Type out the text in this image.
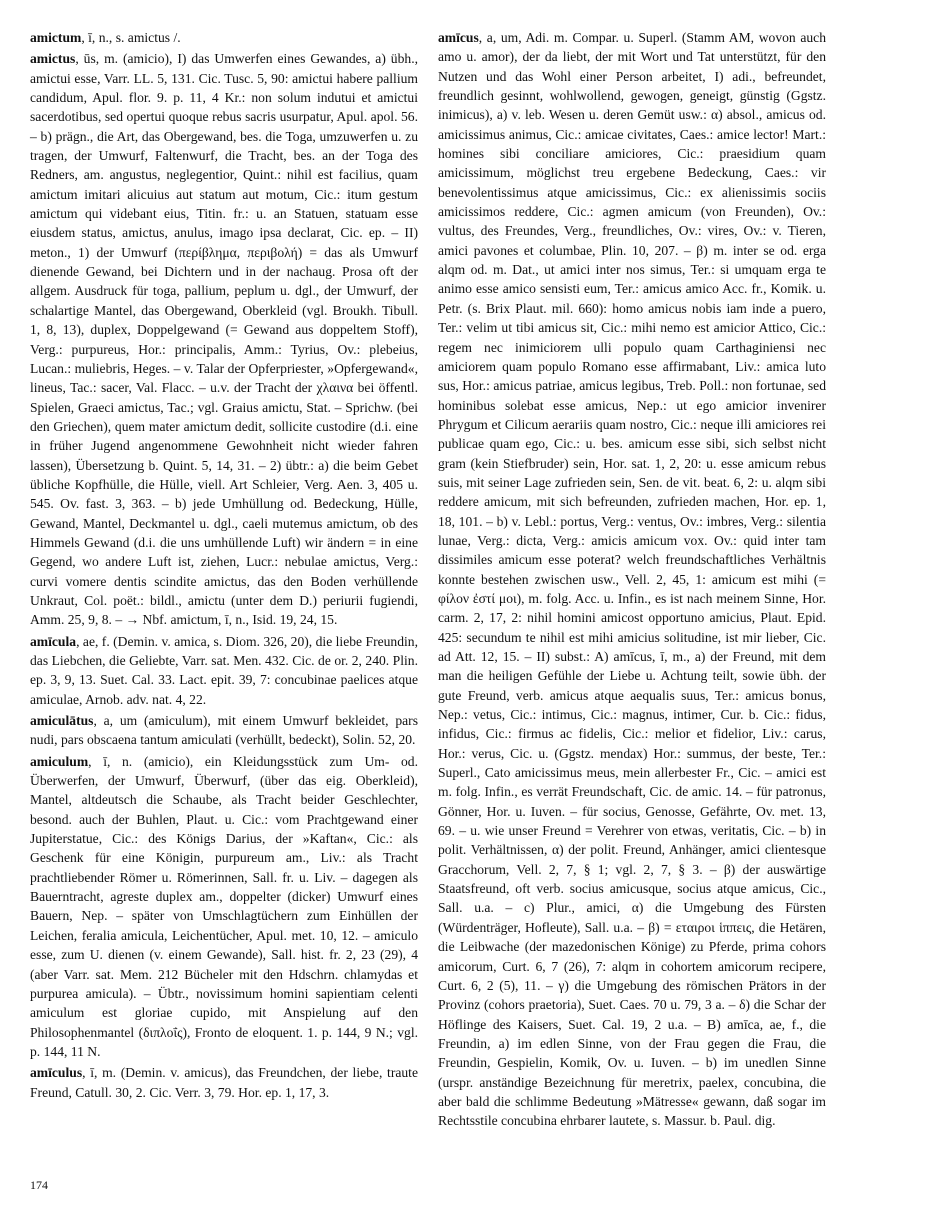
amictum, ī, n., s. amictus /.
amictus, ūs, m. (amicio), I) das Umwerfen eines Gewandes, a) übh., amictui esse, Varr. LL. 5, 131. Cic. Tusc. 5, 90: amictui habere pallium candidum, Apul. flor. 9. p. 11, 4 Kr.: non solum indutui et amictui sacerdotibus, sed opertui quoque rebus sacris usurpatur, Apul. apol. 56. – b) prägn., die Art, das Obergewand, bes. die Toga, umzuwerfen u. zu tragen, der Umwurf, Faltenwurf, die Tracht, bes. an der Toga des Redners, am. angustus, neglegentior, Quint.: nihil est facilius, quam amictum imitari alicuius aut statum aut motum, Cic.: itum gestum amictum qui videbant eius, Titin. fr.: u. an Statuen, statuam esse eiusdem status, amictus, anulus, imago ipsa declarat, Cic. ep. – II) meton., 1) der Umwurf (περίβλημα, περιβολή) = das als Umwurf dienende Gewand, bei Dichtern und in der nachaug. Prosa oft der allgem. Ausdruck für toga, pallium, peplum u. dgl., der Umwurf, der schalartige Mantel, das Obergewand, Oberkleid (vgl. Broukh. Tibull. 1, 8, 13), duplex, Doppelgewand (= Gewand aus doppeltem Stoff), Verg.: purpureus, Hor.: principalis, Amm.: Tyrius, Ov.: plebeius, Lucan.: muliebris, Heges. – v. Talar der Opferpriester, »Opfergewand«, lineus, Tac.: sacer, Val. Flacc. – u.v. der Tracht der χλαινα bei öffentl. Spielen, Graeci amictus, Tac.; vgl. Graius amictu, Stat. – Sprichw. (bei den Griechen), quem mater amictum dedit, sollicite custodire (d.i. eine in früher Jugend angenommene Gewohnheit nicht wieder fahren lassen), Übersetzung b. Quint. 5, 14, 31. – 2) übtr.: a) die beim Gebet übliche Kopfhülle, die Hülle, viell. Art Schleier, Verg. Aen. 3, 405 u. 545. Ov. fast. 3, 363. – b) jede Umhüllung od. Bedeckung, Hülle, Gewand, Mantel, Deckmantel u. dgl., caeli mutemus amictum, ob des Himmels Gewand (d.i. die uns umhüllende Luft) wir ändern = in eine Gegend, wo andere Luft ist, ziehen, Lucr.: nebulae amictus, Verg.: curvi vomere dentis scindite amictus, das den Boden verhüllende Unkraut, Col. poët.: bildl., amictu (unter dem D.) periurii fugiendi, Amm. 25, 9, 8. – → Nbf. amictum, ī, n., Isid. 19, 24, 15.
amīcula, ae, f. (Demin. v. amica, s. Diom. 326, 20), die liebe Freundin, das Liebchen, die Geliebte, Varr. sat. Men. 432. Cic. de or. 2, 240. Plin. ep. 3, 9, 13. Suet. Cal. 33. Lact. epit. 39, 7: concubinae paelices atque amiculae, Arnob. adv. nat. 4, 22.
amiculātus, a, um (amiculum), mit einem Umwurf bekleidet, pars nudi, pars obscaena tantum amiculati (verhüllt, bedeckt), Solin. 52, 20.
amiculum, ī, n. (amicio), ein Kleidungsstück zum Um- od. Überwerfen, der Umwurf, Überwurf, (über das eig. Oberkleid), Mantel, altdeutsch die Schaube, als Tracht beider Geschlechter, besond. auch der Buhlen, Plaut. u. Cic.: vom Prachtgewand einer Jupiterstatue, Cic.: des Königs Darius, der »Kaftan«, Cic.: als Geschenk für eine Königin, purpureum am., Liv.: als Tracht prachtliebender Römer u. Römerinnen, Sall. fr. u. Liv. – dagegen als Bauerntracht, agreste duplex am., doppelter (dicker) Umwurf eines Bauern, Nep. – später von Umschlagtüchern zum Einhüllen der Leichen, feralia amicula, Leichentücher, Apul. met. 10, 12. – amiculo esse, zum U. dienen (v. einem Gewande), Sall. hist. fr. 2, 23 (29), 4 (aber Varr. sat. Mem. 212 Bücheler mit den Hdschrn. chlamydas et purpurea amicula). – Übtr., novissimum homini sapientiam celenti amiculum est gloriae cupido, mit Anspielung auf den Philosophenmantel (διπλοΐς), Fronto de eloquent. 1. p. 144, 9 N.; vgl. p. 144, 11 N.
amīculus, ī, m. (Demin. v. amicus), das Freundchen, der liebe, traute Freund, Catull. 30, 2. Cic. Verr. 3, 79. Hor. ep. 1, 17, 3.
amīcus, a, um, Adi. m. Compar. u. Superl. (Stamm AM, wovon auch amo u. amor), der da liebt, der mit Wort und Tat unterstützt, für den Nutzen und das Wohl einer Person arbeitet, I) adi., befreundet, freundlich gesinnt, wohlwollend, gewogen, geneigt, günstig (Ggstz. inimicus), a) v. leb. Wesen u. deren Gemüt usw.: α) absol., amicus od. amicissimus animus, Cic.: amicae civitates, Caes.: amice lector! Mart.: homines sibi conciliare amiciores, Cic.: praesidium quam amicissimum, möglichst treu ergebene Bedeckung, Caes.: vir benevolentissimus atque amicissimus, Cic.: ex alienissimis sociis amicissimos reddere, Cic.: agmen amicum (von Freunden), Ov.: vultus, des Freundes, Verg., freundliches, Ov.: vires, Ov.: v. Tieren, amici pavones et columbae, Plin. 10, 207. – β) m. inter se od. erga alqm od. m. Dat., ut amici inter nos simus, Ter.: si umquam erga te animo esse amico sensisti eum, Ter.: amicus amico Acc. fr., Komik. u. Petr. (s. Brix Plaut. mil. 660): homo amicus nobis iam inde a puero, Ter.: velim ut tibi amicus sit, Cic.: mihi nemo est amicior Attico, Cic.: regem nec inimiciorem ulli populo quam Carthaginiensi nec amiciorem quam populo Romano esse affirmabant, Liv.: amica luto sus, Hor.: amicus patriae, amicus legibus, Treb. Poll.: non fortunae, sed hominibus solebat esse amicus, Nep.: ut ego amicior invenirer Phrygum et Cilicum aerariis quam nostro, Cic.: neque illi amiciores rei publicae quam ego, Cic.: u. bes. amicum esse sibi, sich selbst nicht gram (kein Stiefbruder) sein, Hor. sat. 1, 2, 20: u. esse amicum rebus suis, mit seiner Lage zufrieden sein, Sen. de vit. beat. 6, 2: u. alqm sibi reddere amicum, mit sich befreunden, zufrieden machen, Hor. ep. 1, 18, 101. – b) v. Lebl.: portus, Verg.: ventus, Ov.: imbres, Verg.: silentia lunae, Verg.: dicta, Verg.: amicis amicum vox. Ov.: quid inter tam dissimiles amicum esse poterat? welch freundschaftliches Verhältnis konnte bestehen zwischen usw., Vell. 2, 45, 1: amicum est mihi (= φίλον ἐστί μοι), m. folg. Acc. u. Infin., es ist nach meinem Sinne, Hor. carm. 2, 17, 2: nihil homini amicost opportuno amicius, Plaut. Epid. 425: secundum te nihil est mihi amicius solitudine, ist mir lieber, Cic. ad Att. 12, 15. – II) subst.: A) amīcus, ī, m., a) der Freund, mit dem man die heiligen Gefühle der Liebe u. Achtung teilt, sowie übh. der gute Freund, verb. amicus atque aequalis suus, Ter.: amicus bonus, Nep.: vetus, Cic.: intimus, Cic.: magnus, intimer, Cur. b. Cic.: fidus, infidus, Cic.: firmus ac fidelis, Cic.: melior et fidelior, Liv.: carus, Hor.: verus, Cic. u. (Ggstz. mendax) Hor.: summus, der beste, Ter.: Superl., Cato amicissimus meus, mein allerbester Fr., Cic. – amici est m. folg. Infin., es verrät Freundschaft, Cic. de amic. 14. – für patronus, Gönner, Hor. u. Iuven. – für socius, Genosse, Gefährte, Ov. met. 13, 69. – u. wie unser Freund = Verehrer von etwas, veritatis, Cic. – b) in polit. Verhältnissen, α) der polit. Freund, Anhänger, amici clientesque Gracchorum, Vell. 2, 7, § 1; vgl. 2, 7, § 3. – β) der auswärtige Staatsfreund, oft verb. socius amicusque, socius atque amicus, Cic., Sall. u.a. – c) Plur., amici, α) die Umgebung des Fürsten (Würdenträger, Hofleute), Sall. u.a. – β) = εταιροι ἱππεις, die Hetären, die Leibwache (der mazedonischen Könige) zu Pferde, prima cohors amicorum, Curt. 6, 7 (26), 7: alqm in cohortem amicorum recipere, Curt. 6, 2 (5), 11. – γ) die Umgebung des römischen Prätors in der Provinz (cohors praetoria), Suet. Caes. 70 u. 79, 3 a. – δ) die Schar der Höflinge des Kaisers, Suet. Cal. 19, 2 u.a. – B) amīca, ae, f., die Freundin, a) im edlen Sinne, von der Frau gegen die Frau, die Freundin, Gespielin, Komik, Ov. u. Iuven. – b) im unedlen Sinne (urspr. anständige Bezeichnung für meretrix, paelex, concubina, die aber bald die schlimme Bedeutung »Mätresse« gewann, daß sogar im Rechtsstile concubina ehrbarer lautete, s. Massur. b. Paul. dig.
174
